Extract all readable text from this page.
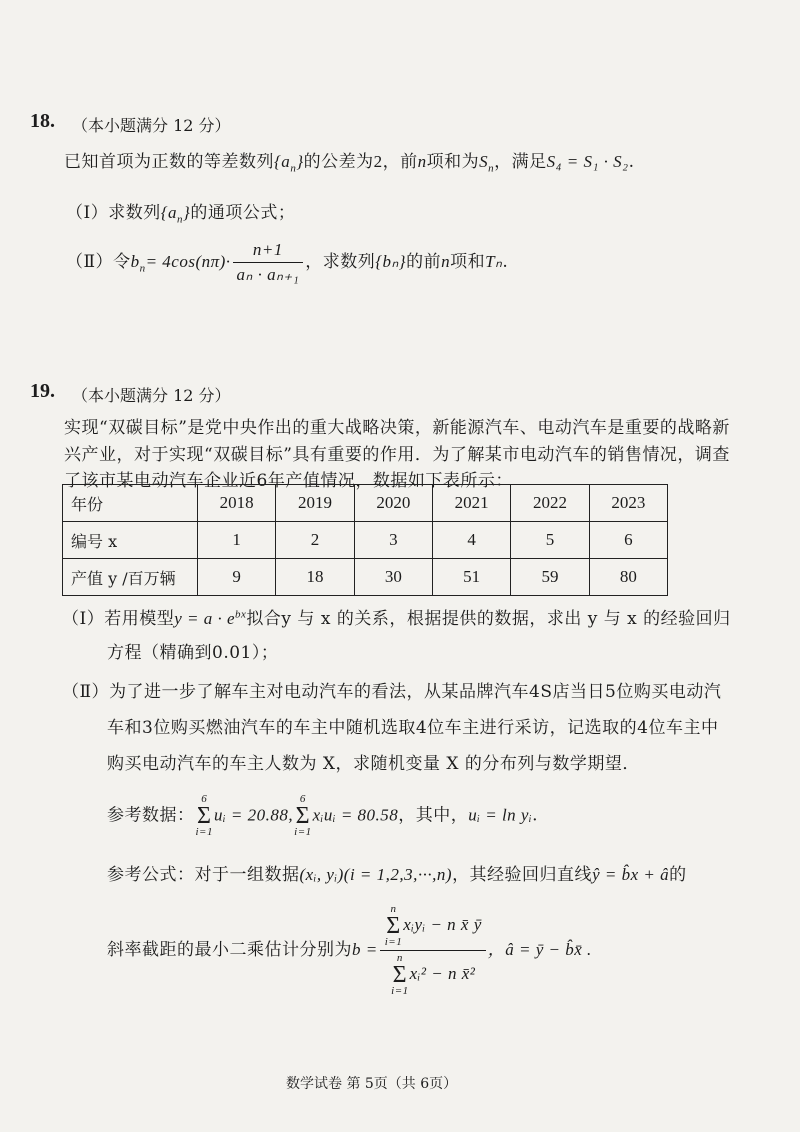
18. （本小题满分 12 分）
已知首项为正数的等差数列$\{a_n\}$的公差为2，前n项和为$S_n$，满足S₄ = S₁ · S₂.
（Ⅰ）求数列$\{a_n\}$的通项公式；
（Ⅱ）令$b_n= 4\cos(n\pi)\cdot \frac{n+1}{\text{aₙ · aₙ₊₁}}$ ，求数列{bₙ}的前n项和Tₙ.
19. （本小题满分 12 分）
实现“双碳目标”是党中央作出的重大战略决策，新能源汽车、电动汽车是重要的战略新
兴产业，对于实现“双碳目标”具有重要的作用．为了解某市电动汽车的销售情况，调查
了该市某电动汽车企业近6年产值情况，数据如下表所示：
年份	2018	2019	2020	2021	2022	2023
编号 x	1	2	3	4	5	6
产值 y /百万辆	9	18	30	51	59	80
（Ⅰ）若用模型$y = a \cdot e^{bx}$拟合y 与 x 的关系，根据提供的数据，求出 y 与 x 的经验回归
方程（精确到0.01）；
（Ⅱ）为了进一步了解车主对电动汽车的看法，从某品牌汽车4S店当日5位购买电动汽
车和3位购买燃油汽车的车主中随机选取4位车主进行采访，记选取的4位车主中
购买电动汽车的车主人数为 X，求随机变量 X 的分布列与数学期望．
参考数据：6
Σ
i=1uᵢ = 20.88,6
Σ
i=1xᵢuᵢ = 80.58，其中，uᵢ = ln yᵢ.
参考公式：对于一组数据(xᵢ, yᵢ)(i = 1,2,3,···,n)，其经验回归直线ŷ = b̂x + â的
斜率截距的最小二乘估计分别为b = n
Σ
i=1xᵢyᵢ − n x̄ ȳ
n
Σ
i=1xᵢ² − n x̄² ，â = ȳ − b̂x̄ .
数学试卷 第 5页（共 6页）
